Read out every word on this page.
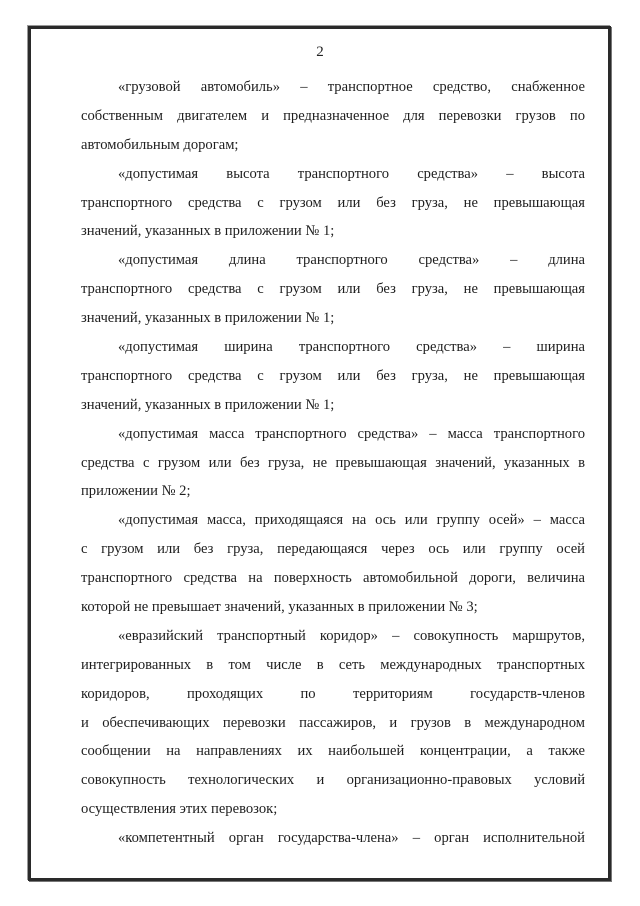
2
«грузовой автомобиль» – транспортное средство, снабженное
собственным двигателем и предназначенное для перевозки грузов по
автомобильным дорогам;
«допустимая высота транспортного средства» – высота
транспортного средства с грузом или без груза, не превышающая
значений, указанных в приложении № 1;
«допустимая длина транспортного средства» – длина
транспортного средства с грузом или без груза, не превышающая
значений, указанных в приложении № 1;
«допустимая ширина транспортного средства» – ширина
транспортного средства с грузом или без груза, не превышающая
значений, указанных в приложении № 1;
«допустимая масса транспортного средства» – масса транспортного
средства с грузом или без груза, не превышающая значений, указанных в
приложении № 2;
«допустимая масса, приходящаяся на ось или группу осей» – масса
с грузом или без груза, передающаяся через ось или группу осей
транспортного средства на поверхность автомобильной дороги, величина
которой не превышает значений, указанных в приложении № 3;
«евразийский транспортный коридор» – совокупность маршрутов,
интегрированных в том числе в сеть международных транспортных
коридоров, проходящих по территориям государств-членов
и обеспечивающих перевозки пассажиров, и грузов в международном
сообщении на направлениях их наибольшей концентрации, а также
совокупность технологических и организационно-правовых условий
осуществления этих перевозок;
«компетентный орган государства-члена» – орган исполнительной
